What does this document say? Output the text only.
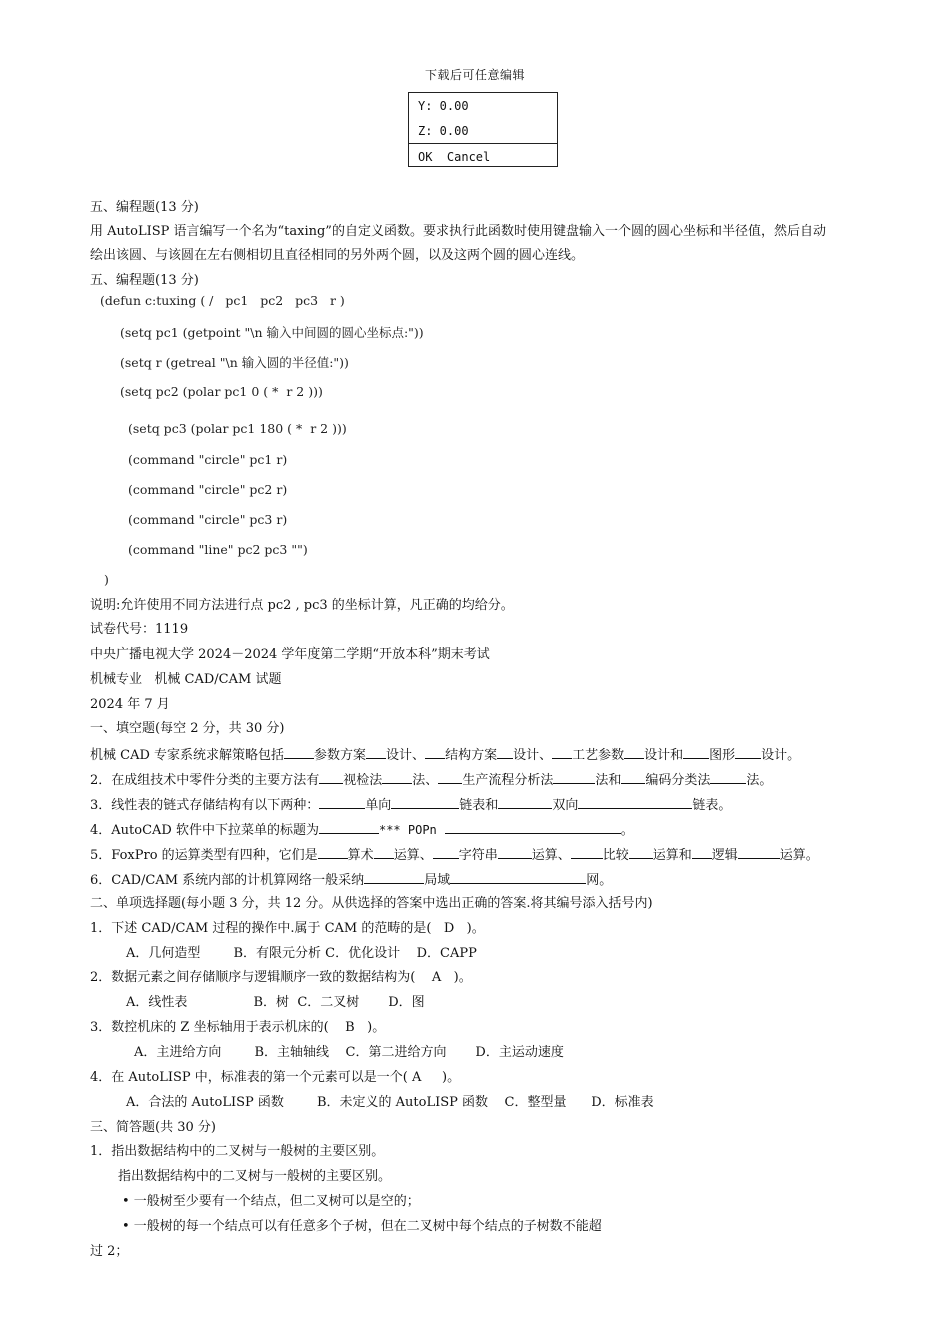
下载后可任意编辑
Y: 0.00
Z: 0.00
OK Cancel
五、编程题(13 分)
用 AutoLISP 语言编写一个名为“taxing”的自定义函数。要求执行此函数时使用键盘输入一个圆的圆心坐标和半径值，然后自动
绘出该圆、与该圆在左右侧相切且直径相同的另外两个圆，以及这两个圆的圆心连线。
五、编程题(13 分)
(defun c:tuxing ( /   pc1   pc2   pc3   r )
(setq pc1 (getpoint "\n 输入中间圆的圆心坐标点:"))
(setq r (getreal "\n 输入圆的半径值:"))
(setq pc2 (polar pc1 0 ( *  r 2 )))
(setq pc3 (polar pc1 180 ( *  r 2 )))
(command "circle" pc1 r)
(command "circle" pc2 r)
(command "circle" pc3 r)
(command "line" pc2 pc3 "")
)
说明:允许使用不同方法进行点 pc2 , pc3 的坐标计算，凡正确的均给分。
试卷代号：1119
中央广播电视大学 2024－2024 学年度第二学期“开放本科”期末考试
机械专业   机械 CAD/CAM 试题
2024 年 7 月
一、填空题(每空 2 分，共 30 分)
机械 CAD 专家系统求解策略包括 参数方案 设计、 结构方案 设计、 工艺参数 设计和 图形 设计。
2．在成组技术中零件分类的主要方法有 视检法 法、 生产流程分析法	法和 编码分类法	法。
3．线性表的链式存储结构有以下两种：	单向	链表和	双向	链表。
4．AutoCAD 软件中下拉菜单的标题为	*** POPn	。
5．FoxPro 的运算类型有四种，它们是 算术 运算、 字符串	运算、 比较 运算和 逻辑	运算。
6．CAD/CAM 系统内部的计机算网络一般采纳	局域	网。
二、单项选择题(每小题 3 分，共 12 分。从供选择的答案中选出正确的答案.将其编号添入括号内)
1．下述 CAD/CAM 过程的操作中.属于 CAM 的范畴的是(   D   )。
A．几何造型        B．有限元分析 C．优化设计    D．CAPP
2．数据元素之间存储顺序与逻辑顺序一致的数据结构为(    A   )。
A．线性表                B．树  C．二叉树       D．图
3．数控机床的 Z 坐标轴用于表示机床的(    B   )。
A．主进给方向        B．主轴轴线    C．第二进给方向       D．主运动速度
4．在 AutoLISP 中，标准表的第一个元素可以是一个( A     )。
A．合法的 AutoLISP 函数        B．未定义的 AutoLISP 函数    C．整型量      D．标准表
三、简答题(共 30 分)
1．指出数据结构中的二叉树与一般树的主要区别。
指出数据结构中的二叉树与一般树的主要区别。
• 一般树至少要有一个结点，但二叉树可以是空的；
• 一般树的每一个结点可以有任意多个子树，但在二叉树中每个结点的子树数不能超
过 2；
